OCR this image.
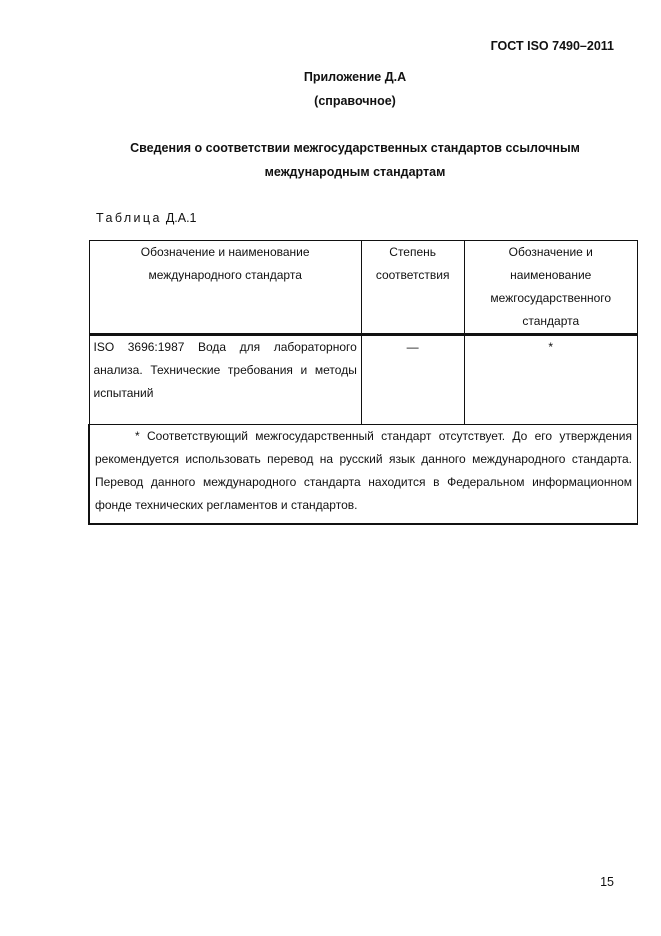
ГОСТ ISO 7490–2011
Приложение Д.А
(справочное)
Сведения о соответствии межгосударственных стандартов ссылочным международным стандартам
Таблица Д.А.1
Обозначение и наименование международного стандарта	Степень соответствия	Обозначение и наименование межгосударственного стандарта

ISO 3696:1987 Вода для лабораторного анализа. Технические требования и методы испытаний	—	*
* Соответствующий межгосударственный стандарт отсутствует. До его утверждения рекомендуется использовать перевод на русский язык данного международного стандарта. Перевод данного международного стандарта находится в Федеральном информационном фонде технических регламентов и стандартов.		
15
